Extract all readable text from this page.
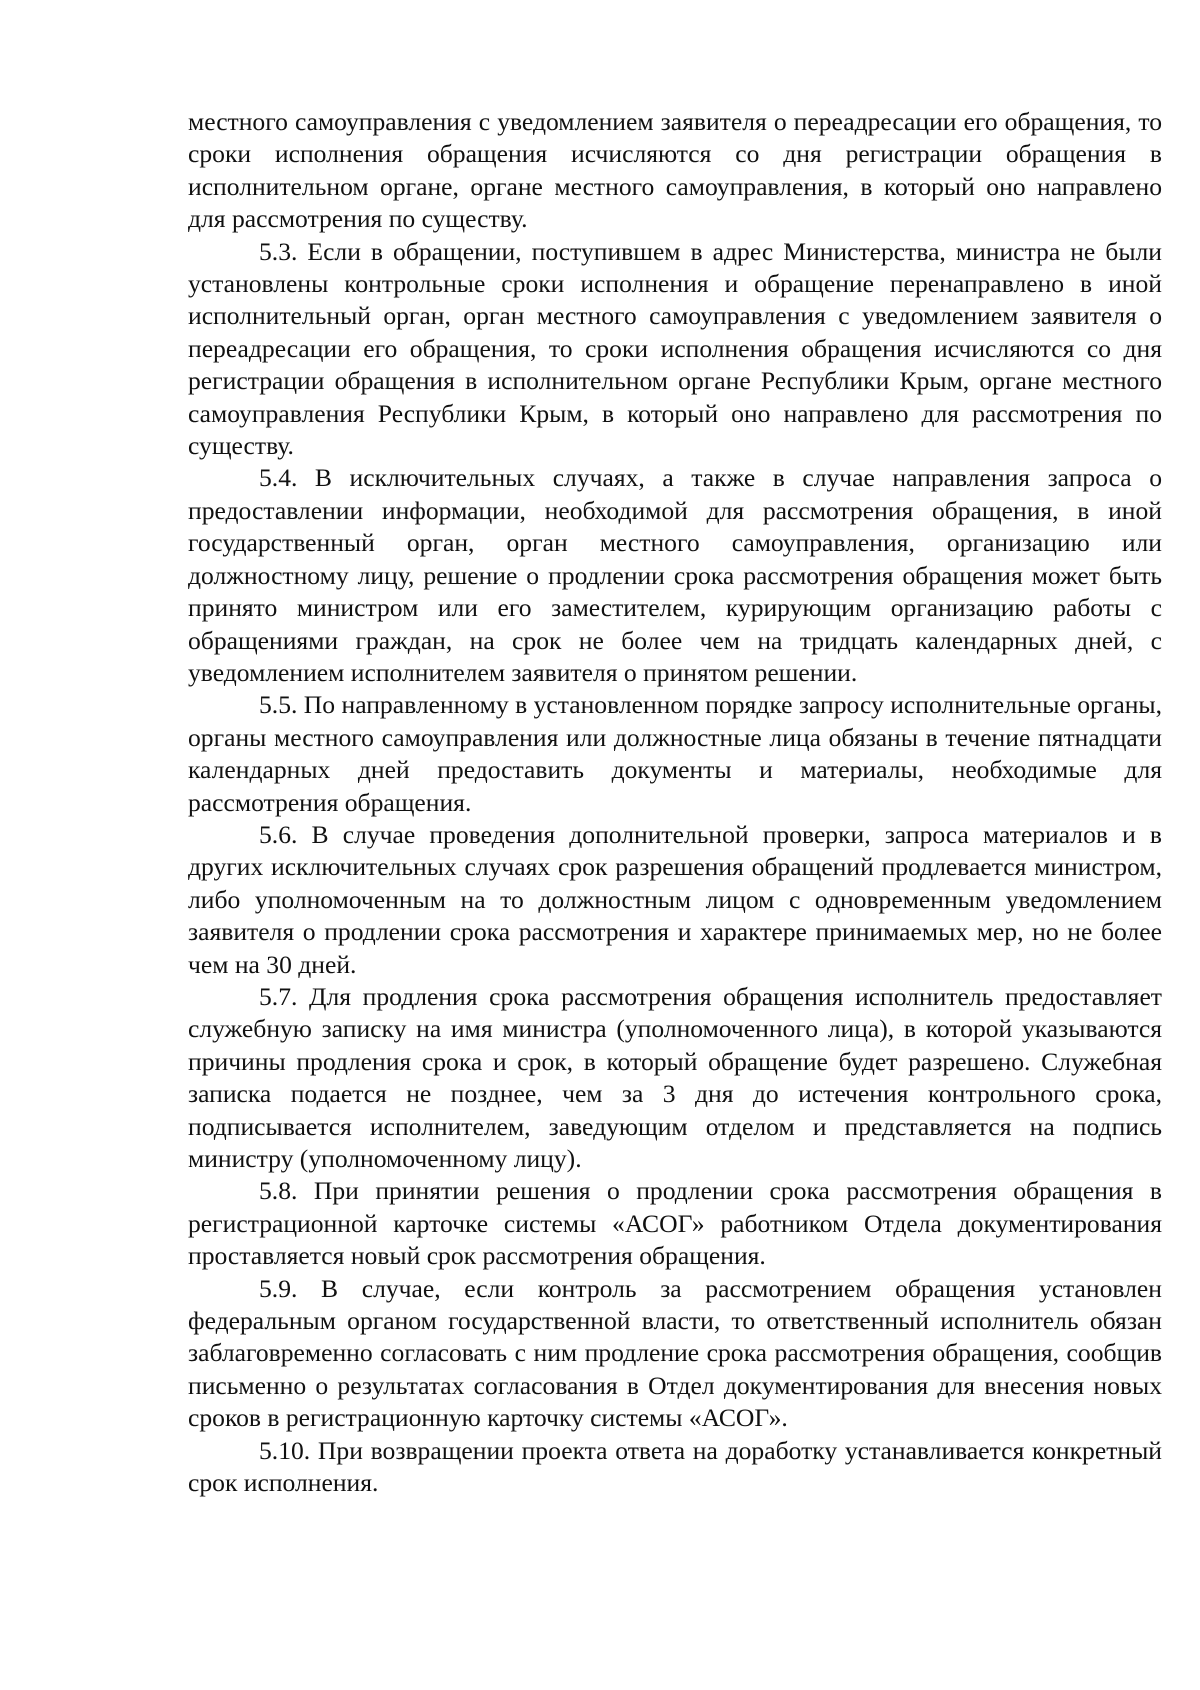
местного самоуправления с уведомлением заявителя о переадресации его обращения, то сроки исполнения обращения исчисляются со дня регистрации обращения в исполнительном органе, органе местного самоуправления, в который оно направлено для рассмотрения по существу.

5.3. Если в обращении, поступившем в адрес Министерства, министра не были установлены контрольные сроки исполнения и обращение перенаправлено в иной исполнительный орган, орган местного самоуправления с уведомлением заявителя о переадресации его обращения, то сроки исполнения обращения исчисляются со дня регистрации обращения в исполнительном органе Республики Крым, органе местного самоуправления Республики Крым, в который оно направлено для рассмотрения по существу.

5.4. В исключительных случаях, а также в случае направления запроса о предоставлении информации, необходимой для рассмотрения обращения, в иной государственный орган, орган местного самоуправления, организацию или должностному лицу, решение о продлении срока рассмотрения обращения может быть принято министром или его заместителем, курирующим организацию работы с обращениями граждан, на срок не более чем на тридцать календарных дней, с уведомлением исполнителем заявителя о принятом решении.

5.5. По направленному в установленном порядке запросу исполнительные органы, органы местного самоуправления или должностные лица обязаны в течение пятнадцати календарных дней предоставить документы и материалы, необходимые для рассмотрения обращения.

5.6. В случае проведения дополнительной проверки, запроса материалов и в других исключительных случаях срок разрешения обращений продлевается министром, либо уполномоченным на то должностным лицом с одновременным уведомлением заявителя о продлении срока рассмотрения и характере принимаемых мер, но не более чем на 30 дней.

5.7. Для продления срока рассмотрения обращения исполнитель предоставляет служебную записку на имя министра (уполномоченного лица), в которой указываются причины продления срока и срок, в который обращение будет разрешено. Служебная записка подается не позднее, чем за 3 дня до истечения контрольного срока, подписывается исполнителем, заведующим отделом и представляется на подпись министру (уполномоченному лицу).

5.8. При принятии решения о продлении срока рассмотрения обращения в регистрационной карточке системы «АСОГ» работником Отдела документирования проставляется новый срок рассмотрения обращения.

5.9. В случае, если контроль за рассмотрением обращения установлен федеральным органом государственной власти, то ответственный исполнитель обязан заблаговременно согласовать с ним продление срока рассмотрения обращения, сообщив письменно о результатах согласования в Отдел документирования для внесения новых сроков в регистрационную карточку системы «АСОГ».

5.10. При возвращении проекта ответа на доработку устанавливается конкретный срок исполнения.
